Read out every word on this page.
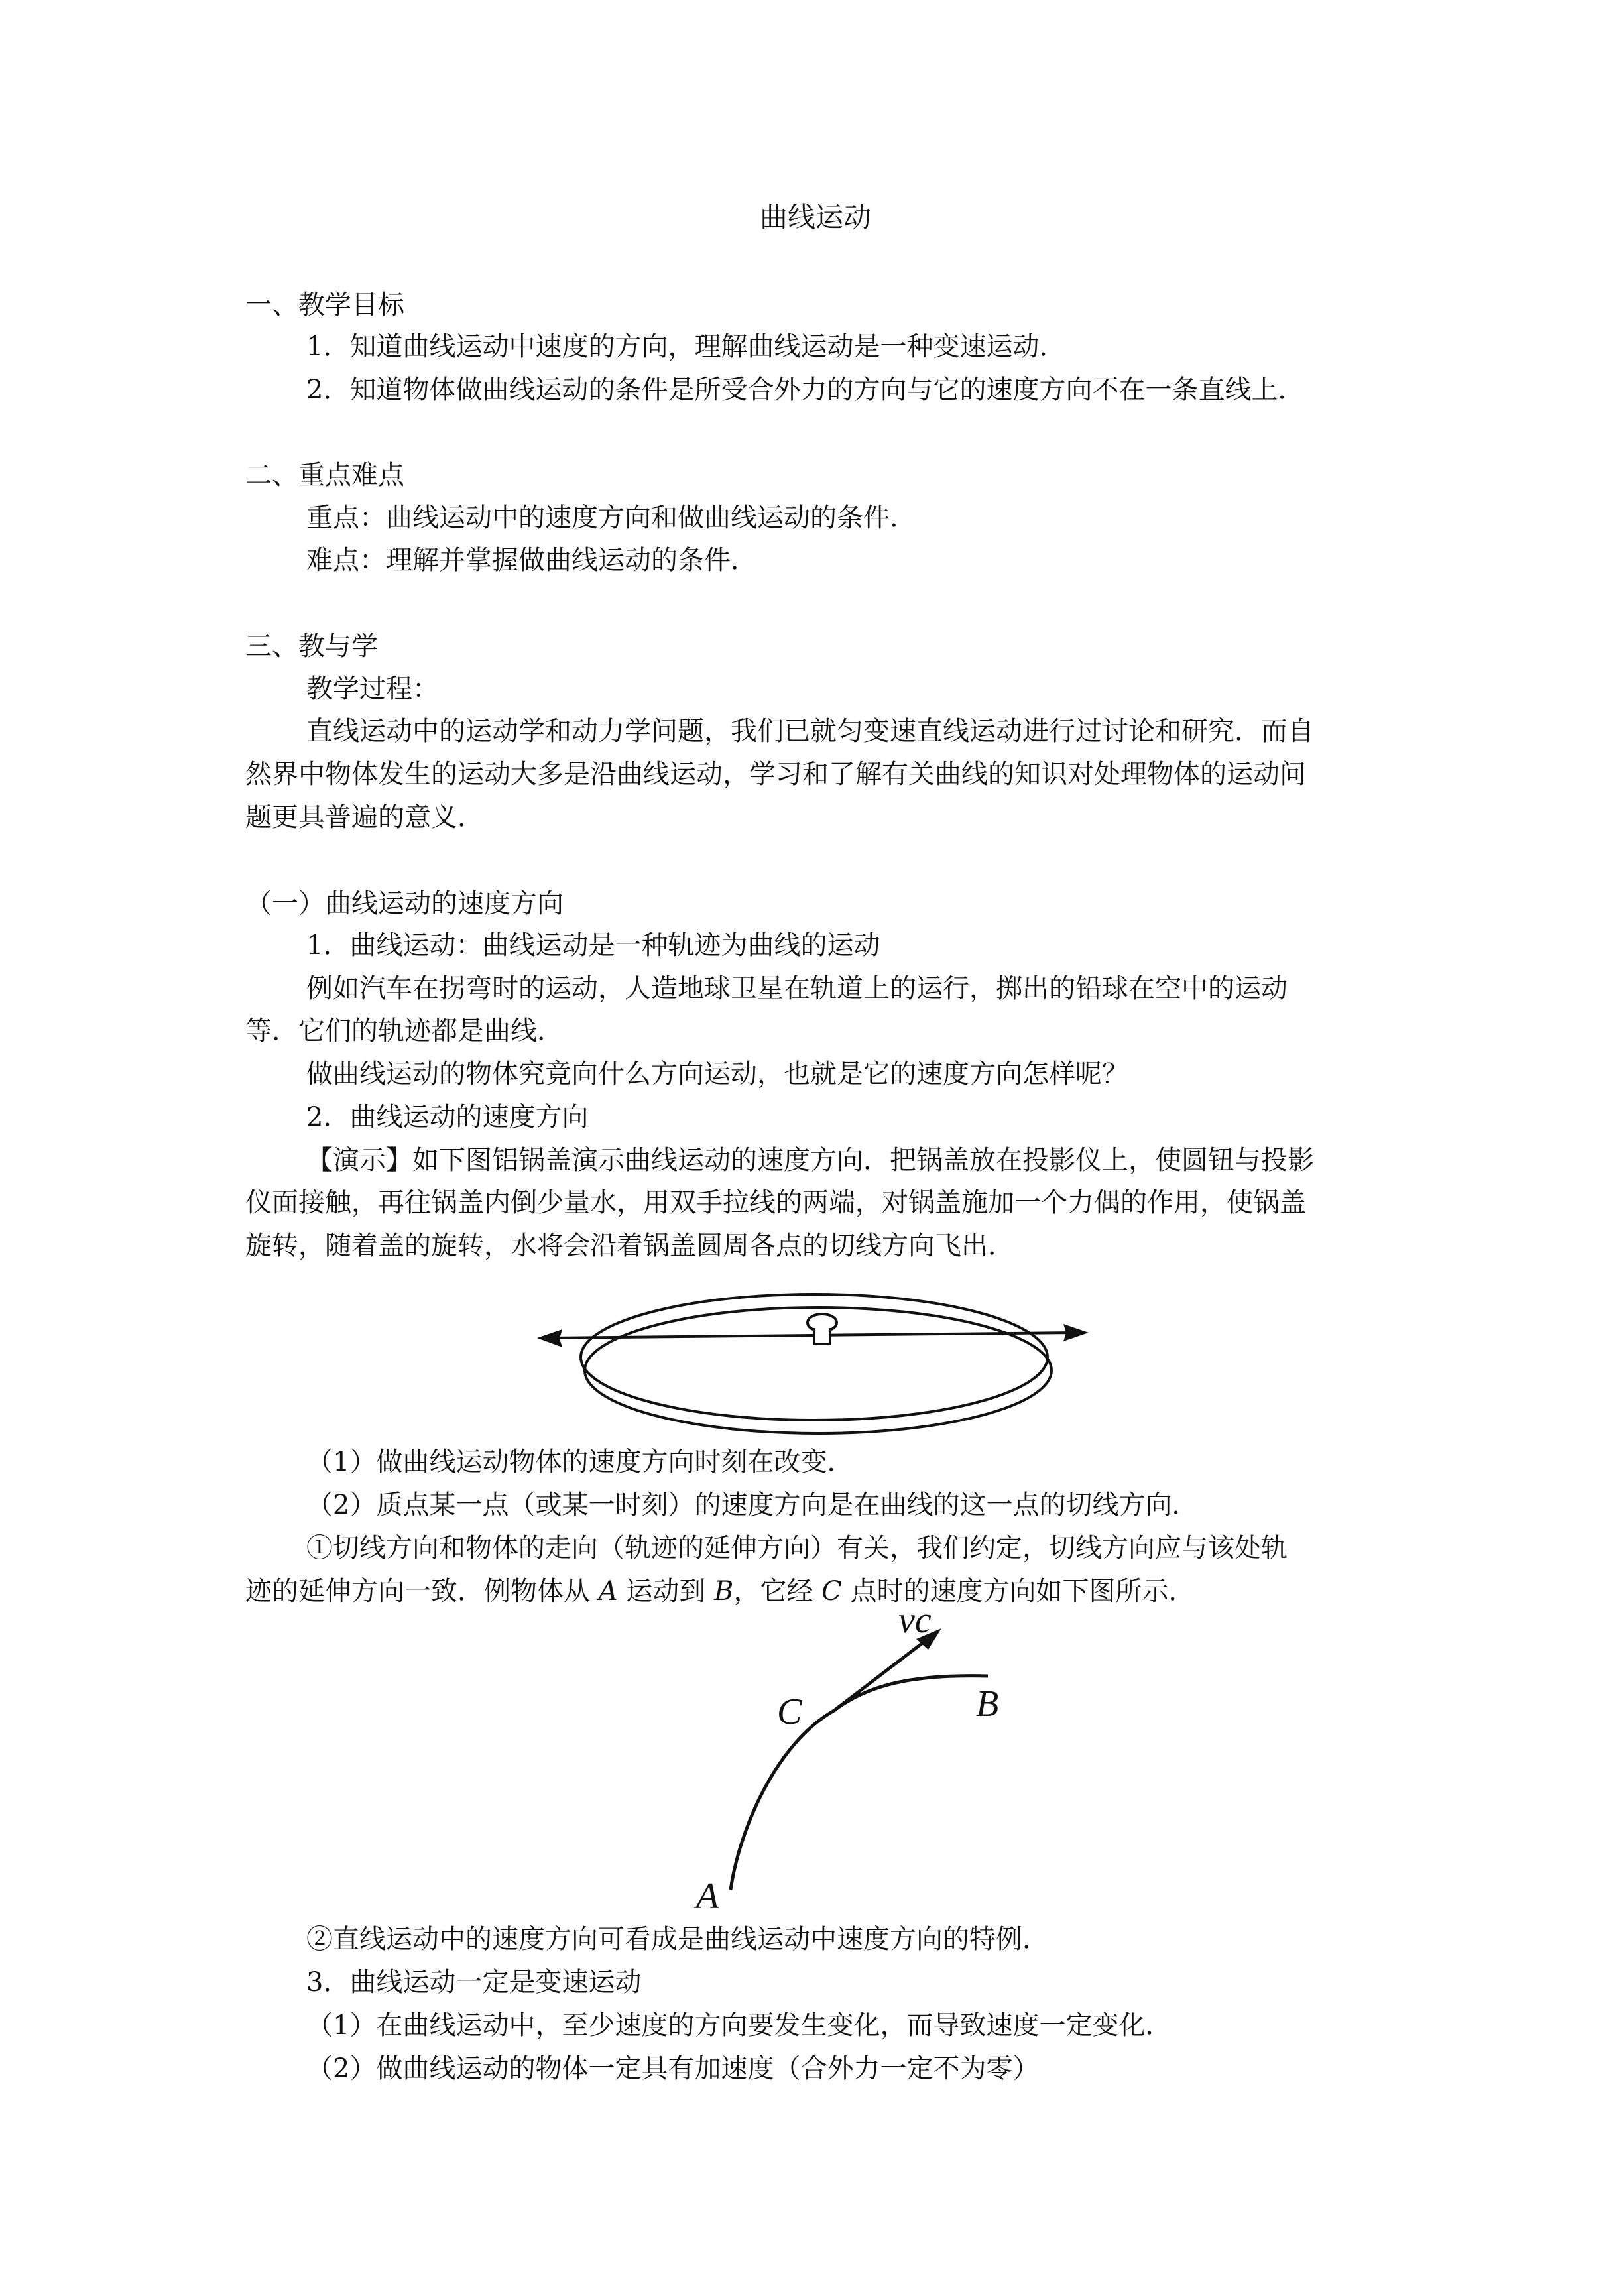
曲线运动
一、教学目标
1．知道曲线运动中速度的方向，理解曲线运动是一种变速运动．
2．知道物体做曲线运动的条件是所受合外力的方向与它的速度方向不在一条直线上．
二、重点难点
重点：曲线运动中的速度方向和做曲线运动的条件．
难点：理解并掌握做曲线运动的条件．
三、教与学
教学过程：
直线运动中的运动学和动力学问题，我们已就匀变速直线运动进行过讨论和研究．而自
然界中物体发生的运动大多是沿曲线运动，学习和了解有关曲线的知识对处理物体的运动问
题更具普遍的意义．
（一）曲线运动的速度方向
1．曲线运动：曲线运动是一种轨迹为曲线的运动
例如汽车在拐弯时的运动，人造地球卫星在轨道上的运行，掷出的铅球在空中的运动
等．它们的轨迹都是曲线．
做曲线运动的物体究竟向什么方向运动，也就是它的速度方向怎样呢？
2．曲线运动的速度方向
【演示】如下图铝锅盖演示曲线运动的速度方向．把锅盖放在投影仪上，使圆钮与投影
仪面接触，再往锅盖内倒少量水，用双手拉线的两端，对锅盖施加一个力偶的作用，使锅盖
旋转，随着盖的旋转，水将会沿着锅盖圆周各点的切线方向飞出．
（1）做曲线运动物体的速度方向时刻在改变．
（2）质点某一点（或某一时刻）的速度方向是在曲线的这一点的切线方向．
①切线方向和物体的走向（轨迹的延伸方向）有关，我们约定，切线方向应与该处轨
迹的延伸方向一致．例物体从 A 运动到 B，它经 C 点时的速度方向如下图所示．
vc
C	B
A
②直线运动中的速度方向可看成是曲线运动中速度方向的特例．
3．曲线运动一定是变速运动
（1）在曲线运动中，至少速度的方向要发生变化，而导致速度一定变化．
（2）做曲线运动的物体一定具有加速度（合外力一定不为零）
